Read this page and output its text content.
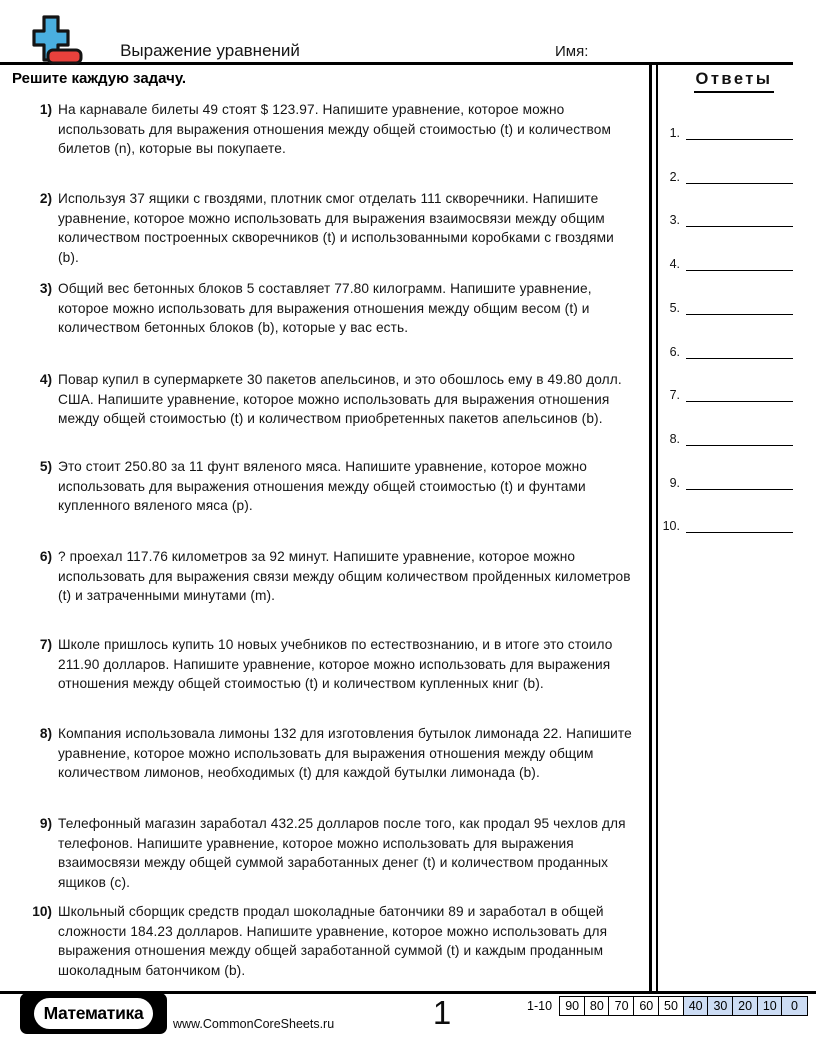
Выражение уравнений	Имя:
Решите каждую задачу.
1) На карнавале билеты 49 стоят $ 123.97. Напишите уравнение, которое можно использовать для выражения отношения между общей стоимостью (t) и количеством билетов (n), которые вы покупаете.

2) Используя 37 ящики с гвоздями, плотник смог отделать 111 скворечники. Напишите уравнение, которое можно использовать для выражения взаимосвязи между общим количеством построенных скворечников (t) и использованными коробками с гвоздями (b).

3) Общий вес бетонных блоков 5 составляет 77.80 килограмм. Напишите уравнение, которое можно использовать для выражения отношения между общим весом (t) и количеством бетонных блоков (b), которые у вас есть.

4) Повар купил в супермаркете 30 пакетов апельсинов, и это обошлось ему в 49.80 долл. США. Напишите уравнение, которое можно использовать для выражения отношения между общей стоимостью (t) и количеством приобретенных пакетов апельсинов (b).

5) Это стоит 250.80 за 11 фунт вяленого мяса. Напишите уравнение, которое можно использовать для выражения отношения между общей стоимостью (t) и фунтами купленного вяленого мяса (p).

6) ? проехал 117.76 километров за 92 минут. Напишите уравнение, которое можно использовать для выражения связи между общим количеством пройденных километров (t) и затраченными минутами (m).

7) Школе пришлось купить 10 новых учебников по естествознанию, и в итоге это стоило 211.90 долларов. Напишите уравнение, которое можно использовать для выражения отношения между общей стоимостью (t) и количеством купленных книг (b).

8) Компания использовала лимоны 132 для изготовления бутылок лимонада 22. Напишите уравнение, которое можно использовать для выражения отношения между общим количеством лимонов, необходимых (t) для каждой бутылки лимонада (b).

9) Телефонный магазин заработал 432.25 долларов после того, как продал 95 чехлов для телефонов. Напишите уравнение, которое можно использовать для выражения взаимосвязи между общей суммой заработанных денег (t) и количеством проданных ящиков (c).

10) Школьный сборщик средств продал шоколадные батончики 89 и заработал в общей сложности 184.23 долларов. Напишите уравнение, которое можно использовать для выражения отношения между общей заработанной суммой (t) и каждым проданным шоколадным батончиком (b).

Ответы
1.
2.
3.
4.
5.
6.
7.
8.
9.
10.
Математика
www.CommonCoreSheets.ru	1	1-10	90 80 70 60 50 40 30 20 10	0
